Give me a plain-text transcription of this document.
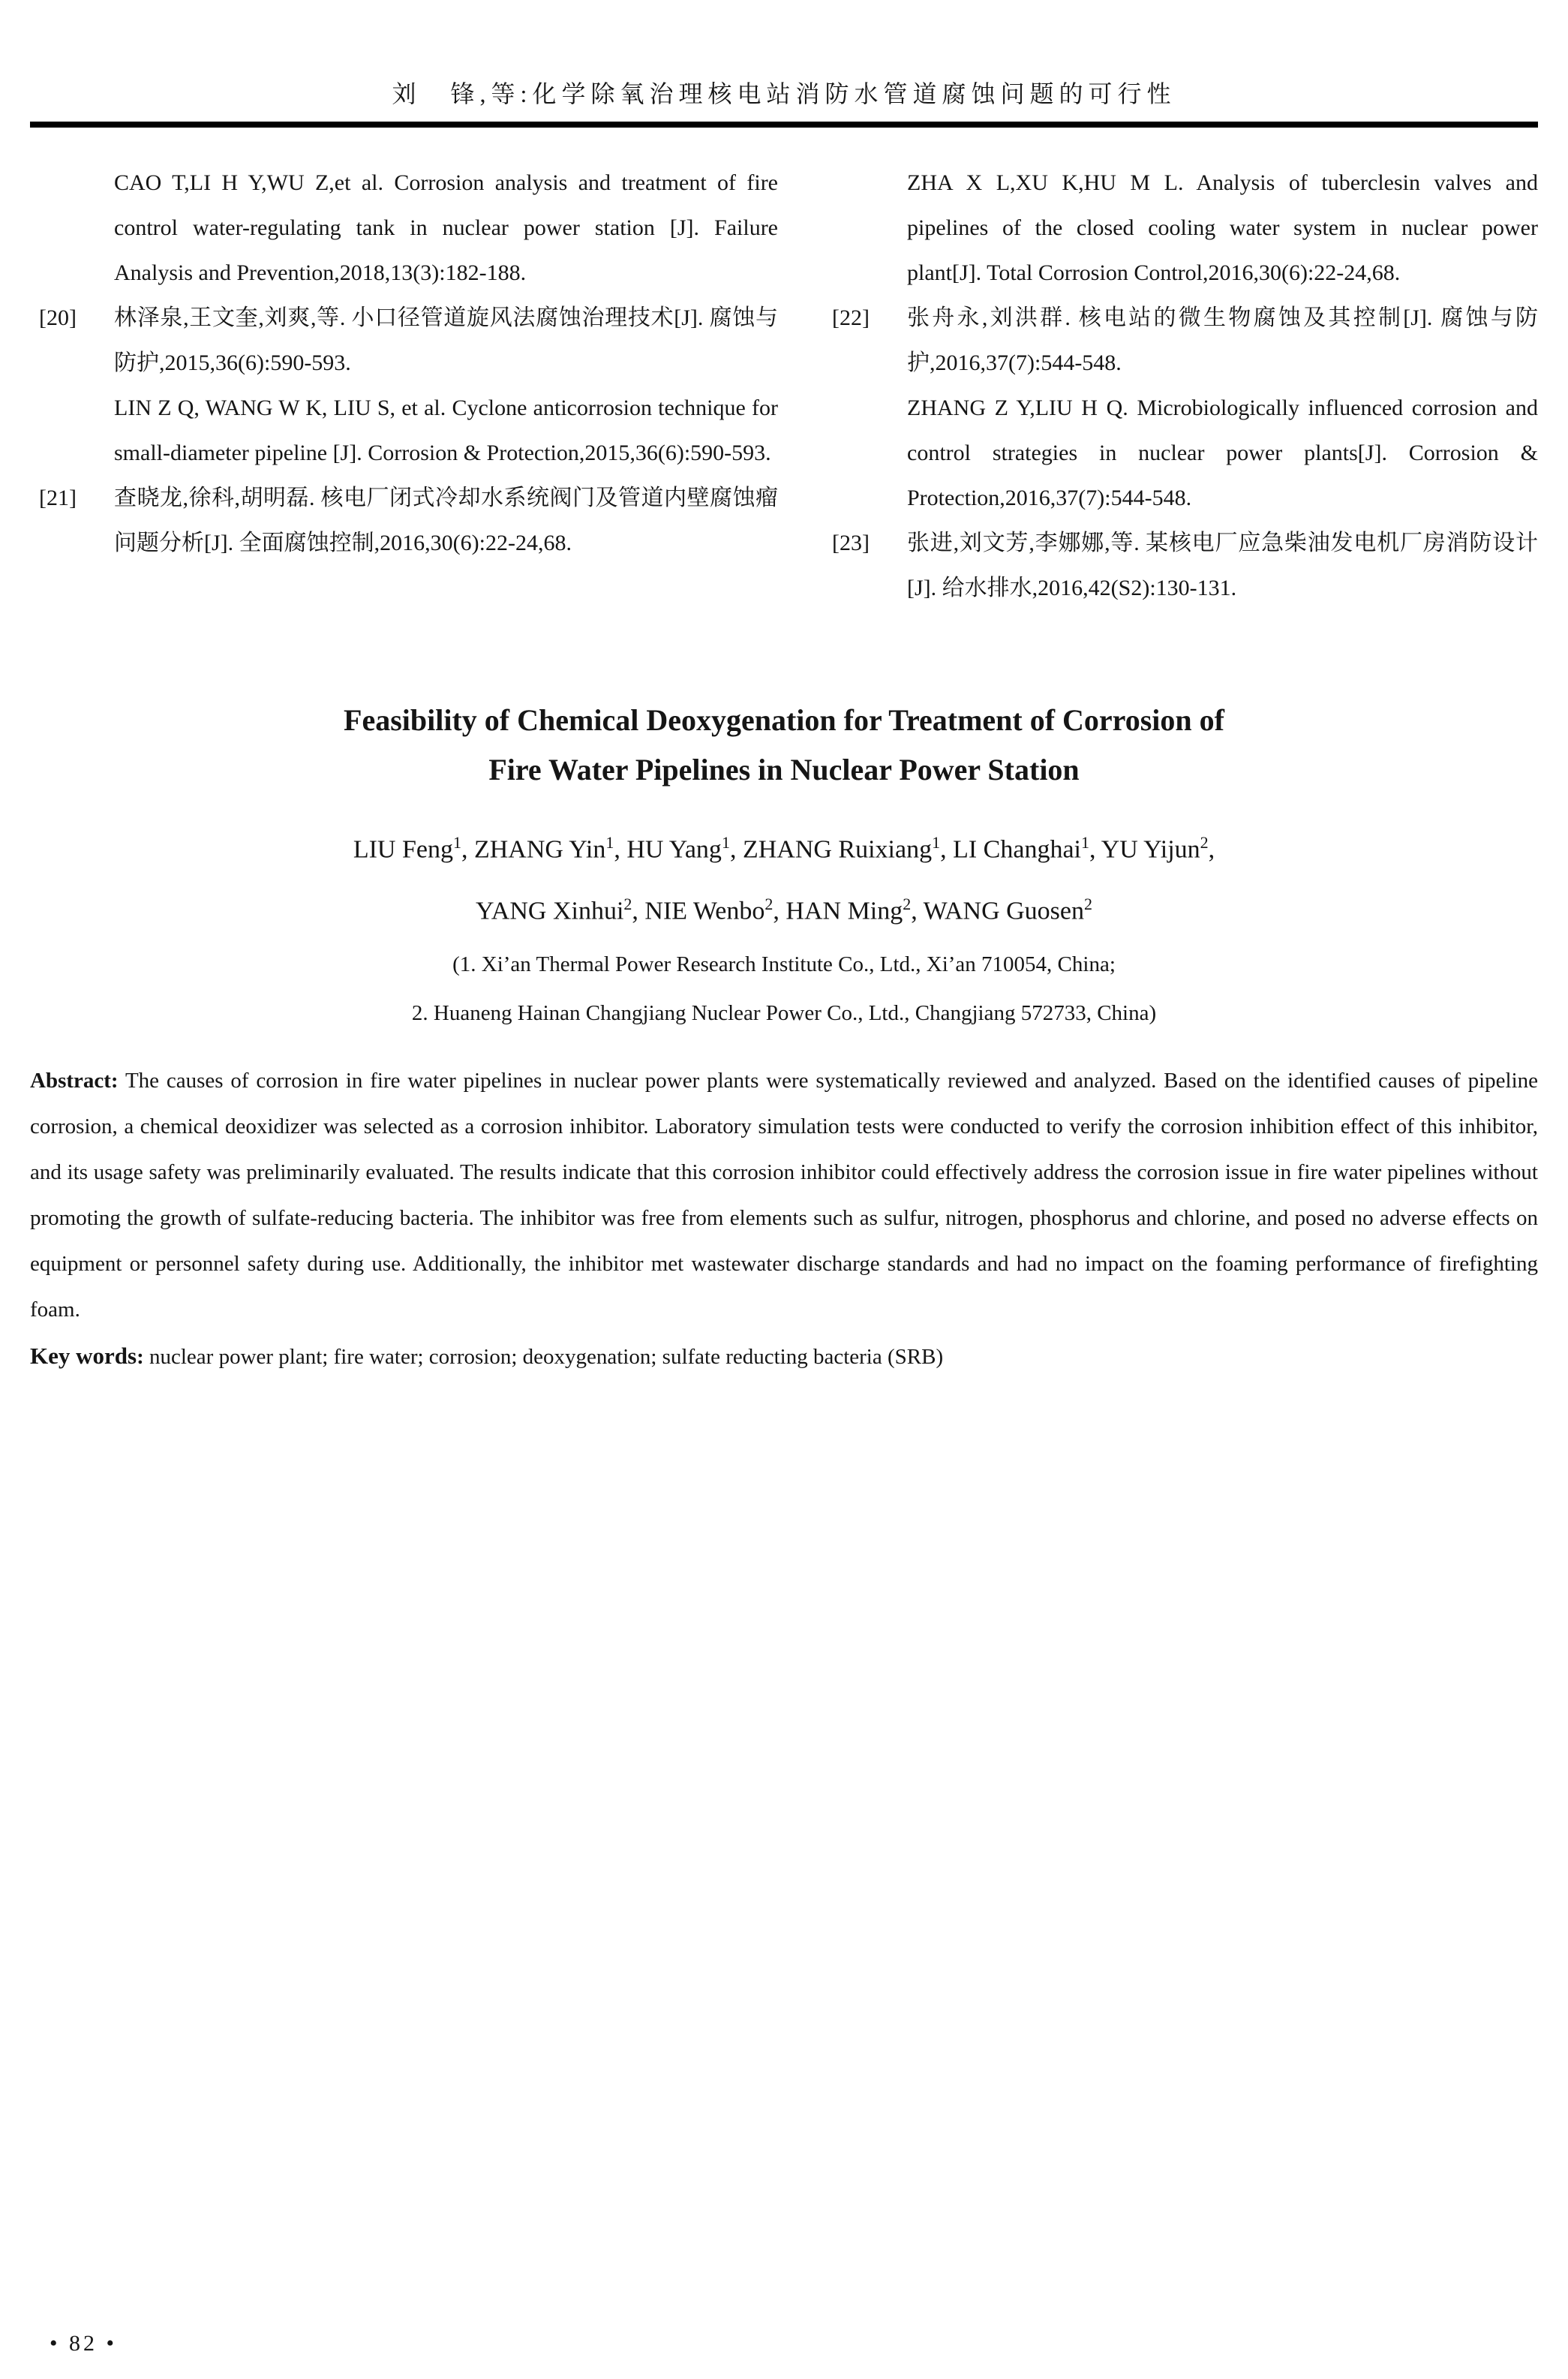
刘　锋,等:化学除氧治理核电站消防水管道腐蚀问题的可行性

CAO T,LI H Y,WU Z,et al. Corrosion analysis and treatment of fire control water-regulating tank in nuclear power station [J]. Failure Analysis and Prevention,2018,13(3):182-188.

[20] 林泽泉,王文奎,刘爽,等. 小口径管道旋风法腐蚀治理技术[J]. 腐蚀与防护,2015,36(6):590-593.

LIN Z Q, WANG W K, LIU S, et al. Cyclone anticorrosion technique for small-diameter pipeline [J]. Corrosion & Protection,2015,36(6):590-593.

[21] 查晓龙,徐科,胡明磊. 核电厂闭式冷却水系统阀门及管道内壁腐蚀瘤问题分析[J]. 全面腐蚀控制,2016,30(6):22-24,68.

ZHA X L,XU K,HU M L. Analysis of tuberclesin valves and pipelines of the closed cooling water system in nuclear power plant[J]. Total Corrosion Control,2016,30(6):22-24,68.

[22] 张舟永,刘洪群. 核电站的微生物腐蚀及其控制[J]. 腐蚀与防护,2016,37(7):544-548.

ZHANG Z Y,LIU H Q. Microbiologically influenced corrosion and control strategies in nuclear power plants[J]. Corrosion & Protection,2016,37(7):544-548.

[23] 张进,刘文芳,李娜娜,等. 某核电厂应急柴油发电机厂房消防设计[J]. 给水排水,2016,42(S2):130-131.

Feasibility of Chemical Deoxygenation for Treatment of Corrosion of
Fire Water Pipelines in Nuclear Power Station
LIU Feng$^1$, ZHANG Yin$^1$, HU Yang$^1$, ZHANG Ruixiang$^1$, LI Changhai$^1$, YU Yijun$^2$,
YANG Xinhui$^2$, NIE Wenbo$^2$, HAN Ming$^2$, WANG Guosen$^2$
(1. Xi’an Thermal Power Research Institute Co., Ltd., Xi’an 710054, China;
2. Huaneng Hainan Changjiang Nuclear Power Co., Ltd., Changjiang 572733, China)

Abstract: The causes of corrosion in fire water pipelines in nuclear power plants were systematically reviewed and analyzed. Based on the identified causes of pipeline corrosion, a chemical deoxidizer was selected as a corrosion inhibitor. Laboratory simulation tests were conducted to verify the corrosion inhibition effect of this inhibitor, and its usage safety was preliminarily evaluated. The results indicate that this corrosion inhibitor could effectively address the corrosion issue in fire water pipelines without promoting the growth of sulfate-reducing bacteria. The inhibitor was free from elements such as sulfur, nitrogen, phosphorus and chlorine, and posed no adverse effects on equipment or personnel safety during use. Additionally, the inhibitor met wastewater discharge standards and had no impact on the foaming performance of firefighting foam.

Key words: nuclear power plant; fire water; corrosion; deoxygenation; sulfate reducting bacteria (SRB)

• 82 •
